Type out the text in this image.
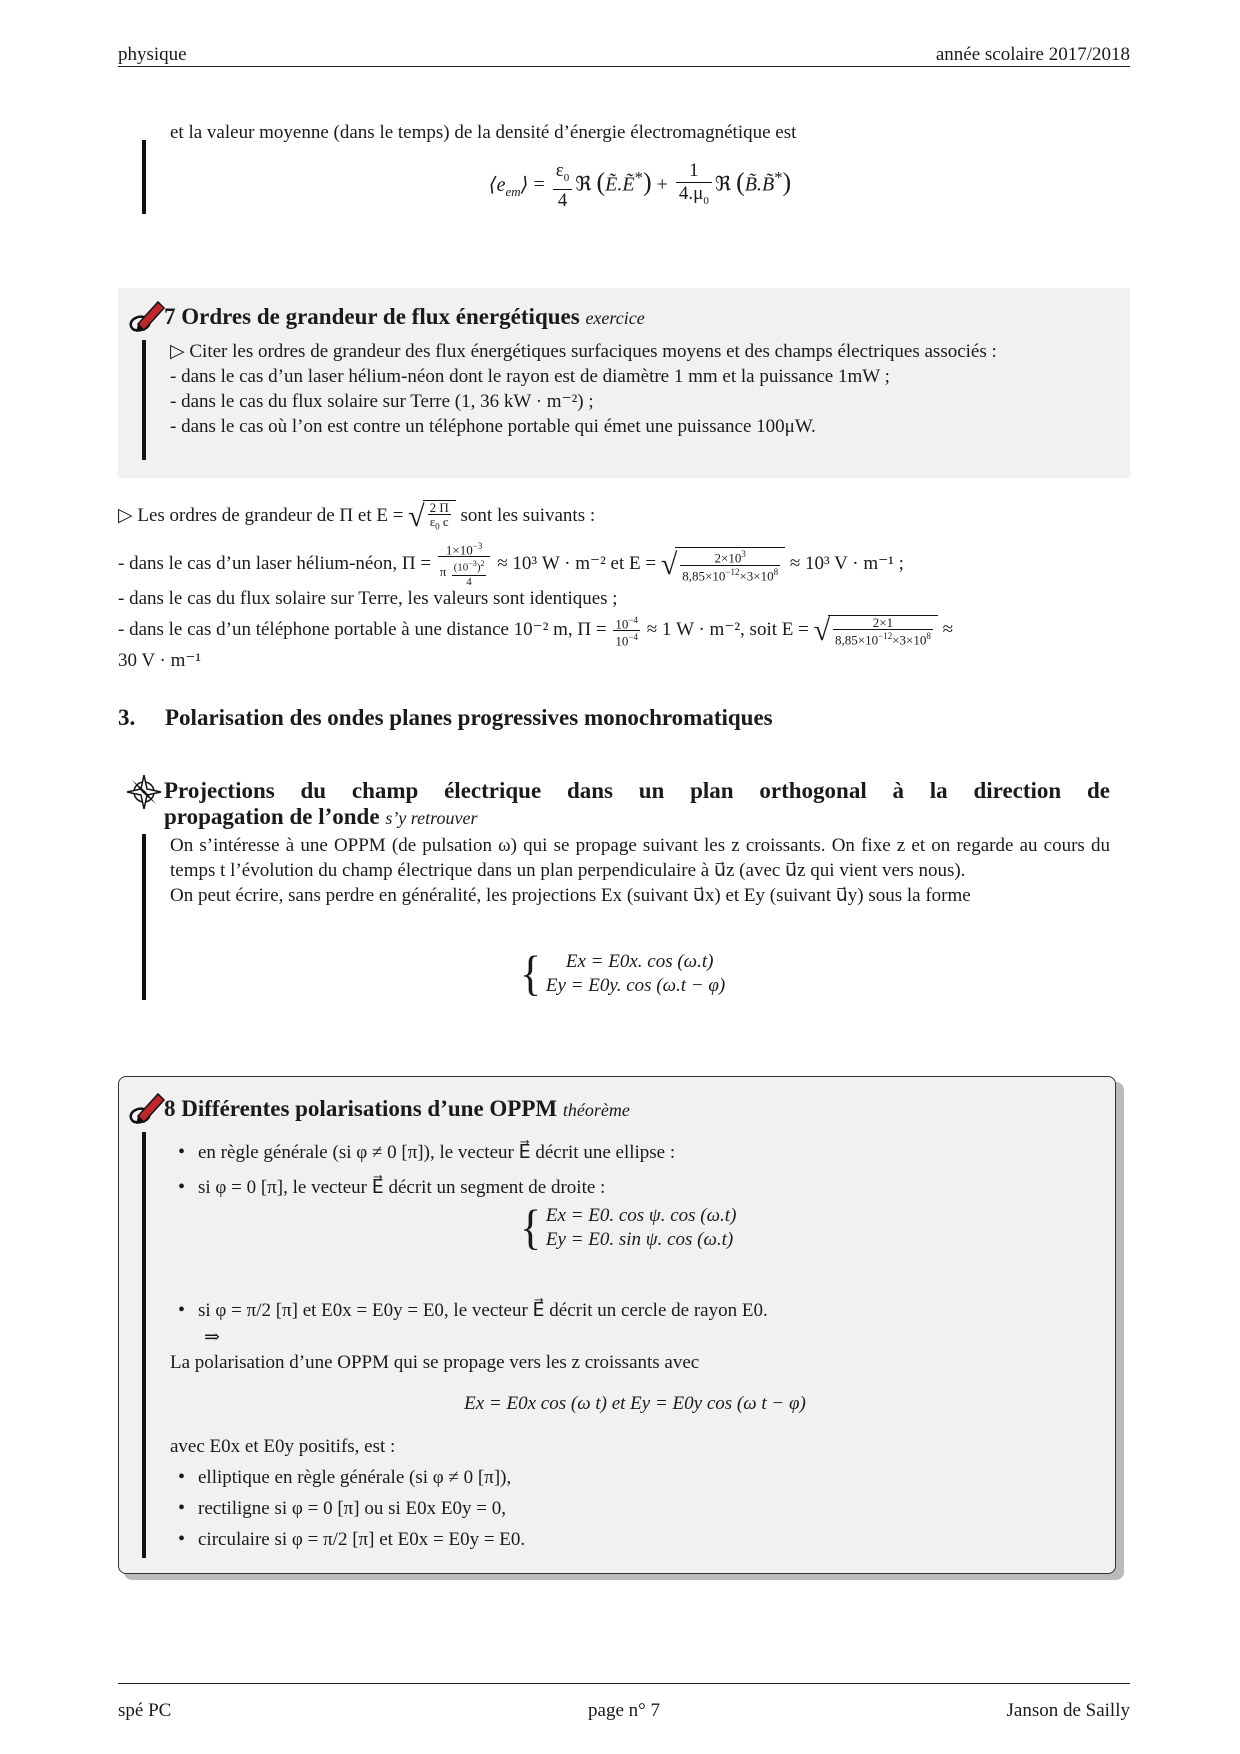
physique	année scolaire 2017/2018
et la valeur moyenne (dans le temps) de la densité d’énergie électromagnétique est
$⟨e_{em}⟩ = \frac{\varepsilon_0}{4}$ ℜ (Ẽ.Ẽ*) + $\frac{1}{4.\mu_0}$ ℜ (B̃.B̃*)
7 Ordres de grandeur de flux énergétiques exercice
▷ Citer les ordres de grandeur des flux énergétiques surfaciques moyens et des champs électriques associés :
- dans le cas d’un laser hélium-néon dont le rayon est de diamètre 1 mm et la puissance 1mW ;
- dans le cas du flux solaire sur Terre (1, 36 kW · m⁻²) ;
- dans le cas où l’on est contre un téléphone portable qui émet une puissance 100μW.
▷ Les ordres de grandeur de Π et E = √ $\frac{2 \Pi}{\varepsilon_0 c}$ sont les suivants :
- dans le cas d’un laser hélium-néon, $\Pi = \frac{1\times 10^{-3}}{\pi \frac{(10^{-3})^2}{4}} \approx 10^3$ W · m⁻² et E = √ $\frac{2\times 10^3}{8,85\times 10^{-12}\times 3\times 10^8} \approx 10^3$ V · m⁻¹ ;
- dans le cas du flux solaire sur Terre, les valeurs sont identiques ;
- dans le cas d’un téléphone portable à une distance 10⁻² m, $\Pi = \frac{10^{-4}}{10^{-4}} \approx 1$ W · m⁻², soit E = √ $\frac{2\times 1}{8,85\times 10^{-12}\times 3\times 10^8}$ ≈
30 V · m⁻¹
3. Polarisation des ondes planes progressives monochromatiques
Projections du champ électrique dans un plan orthogonal à la direction de
propagation de l’onde s’y retrouver
On s’intéresse à une OPPM (de pulsation ω) qui se propage suivant les z croissants. On fixe z et on regarde au cours du temps t l’évolution du champ électrique dans un plan perpendiculaire à u⃗z (avec u⃗z qui vient vers nous).
On peut écrire, sans perdre en généralité, les projections Ex (suivant u⃗x) et Ey (suivant u⃗y) sous la forme
{	Ex = E0x. cos (ω.t)
Ey = E0y. cos (ω.t − φ)
8 Différentes polarisations d’une OPPM théorème
• en règle générale (si φ ≠ 0 [π]), le vecteur E⃗ décrit une ellipse :
• si φ = 0 [π], le vecteur E⃗ décrit un segment de droite :
{ Ex = E0. cos ψ. cos (ω.t)
Ey = E0. sin ψ. cos (ω.t)
• si φ = π/2 [π] et E0x = E0y = E0, le vecteur E⃗ décrit un cercle de rayon E0.
⇒
La polarisation d’une OPPM qui se propage vers les z croissants avec
Ex = E0x cos (ω t) et Ey = E0y cos (ω t − φ)
avec E0x et E0y positifs, est :
• elliptique en règle générale (si φ ≠ 0 [π]),
• rectiligne si φ = 0 [π] ou si E0x E0y = 0,
• circulaire si φ = π/2 [π] et E0x = E0y = E0.
spé PC	page n° 7	Janson de Sailly
